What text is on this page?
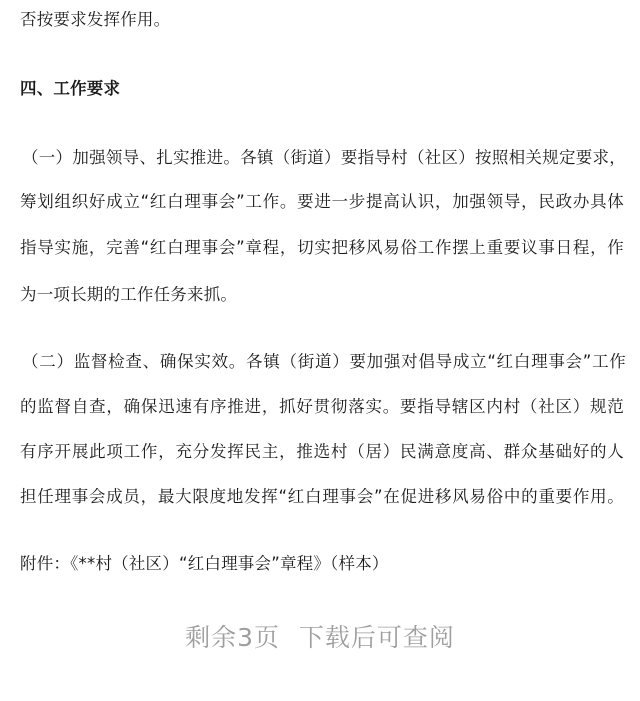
否按要求发挥作用。
四、工作要求
（一）加强领导、扎实推进。各镇（街道）要指导村（社区）按照相关规定要求，
筹划组织好成立“红白理事会”工作。要进一步提高认识，加强领导，民政办具体
指导实施，完善“红白理事会”章程，切实把移风易俗工作摆上重要议事日程，作
为一项长期的工作任务来抓。
（二）监督检查、确保实效。各镇（街道）要加强对倡导成立“红白理事会”工作
的监督自查，确保迅速有序推进，抓好贯彻落实。要指导辖区内村（社区）规范
有序开展此项工作，充分发挥民主，推选村（居）民满意度高、群众基础好的人
担任理事会成员，最大限度地发挥“红白理事会”在促进移风易俗中的重要作用。
附件：《**村（社区）“红白理事会”章程》（样本）
剩余3页 下载后可查阅
